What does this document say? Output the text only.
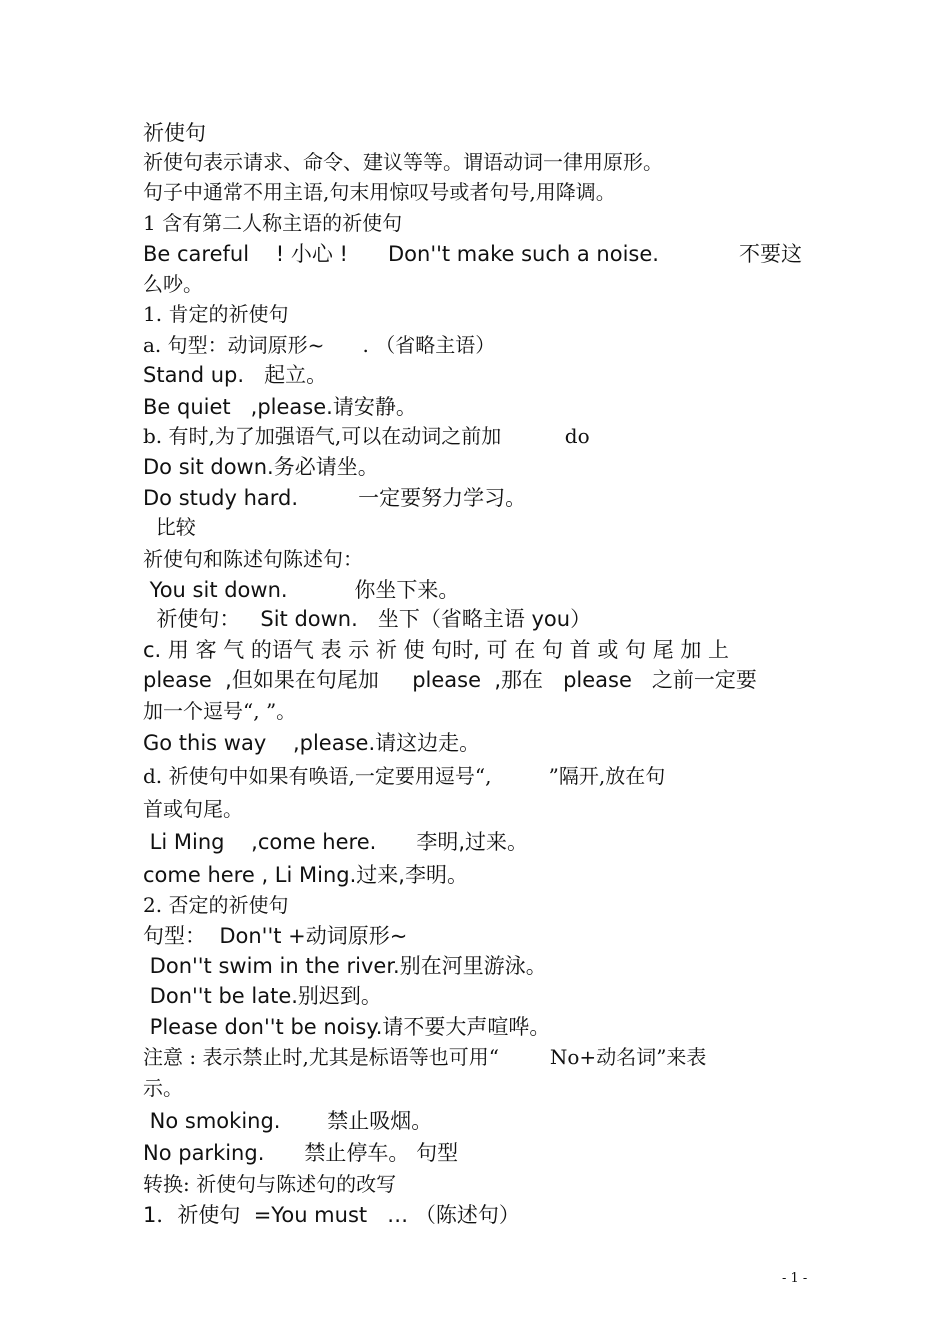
祈使句
祈使句表示请求、命令、建议等等。谓语动词一律用原形。
句子中通常不用主语,句末用惊叹号或者句号,用降调。
1 含有第二人称主语的祈使句
Be careful    ! 小心 !      Don''t make such a noise.            不要这
么吵。
1. 肯定的祈使句
a. 句型：动词原形~      . （省略主语）
Stand up.   起立。
Be quiet   ,please.请安静。
b. 有时,为了加强语气,可以在动词之前加          do
Do sit down.务必请坐。
Do study hard.         一定要努力学习。
比较
祈使句和陈述句陈述句：
You sit down.          你坐下来。
祈使句：   Sit down.   坐下（省略主语 you）
c. 用 客 气 的语气 表 示 祈 使 句时, 可 在 句 首 或 句 尾 加 上
please  ,但如果在句尾加     please  ,那在   please   之前一定要
加一个逗号“, ”。
Go this way    ,please.请这边走。
d. 祈使句中如果有唤语,一定要用逗号“,         ”隔开,放在句
首或句尾。
Li Ming    ,come here.      李明,过来。
come here , Li Ming.过来,李明。
2. 否定的祈使句
句型：  Don''t +动词原形~
Don''t swim in the river.别在河里游泳。
Don''t be late.别迟到。
Please don''t be noisy.请不要大声喧哗。
注意 : 表示禁止时,尤其是标语等也可用“        No+动名词”来表
示。
No smoking.       禁止吸烟。
No parking.      禁止停车。 句型
转换: 祈使句与陈述句的改写
1．祈使句  =You must   … （陈述句）
- 1 -
